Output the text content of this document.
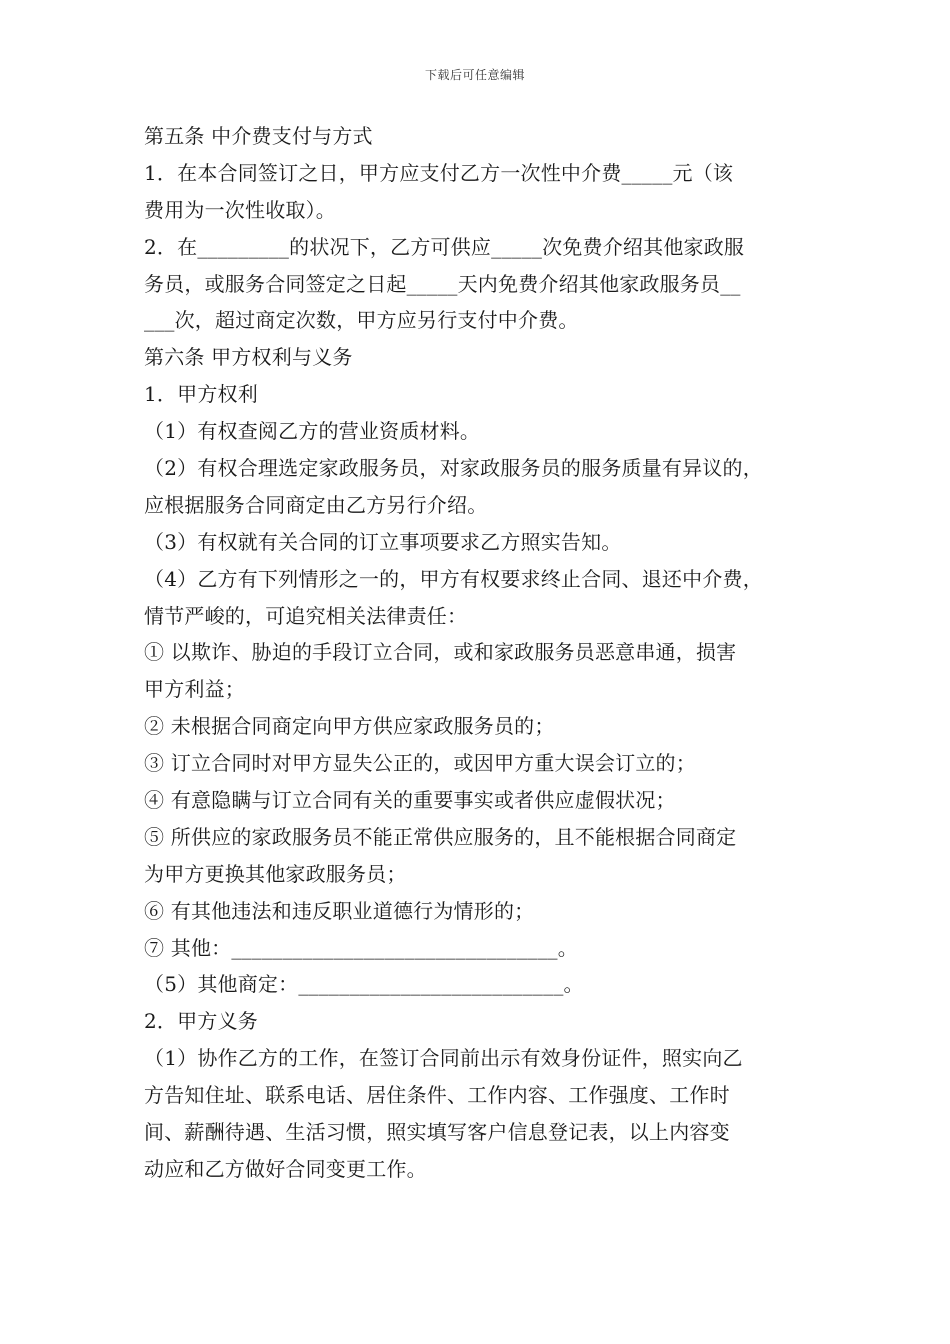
下载后可任意编辑
第五条 中介费支付与方式
1．在本合同签订之日，甲方应支付乙方一次性中介费_____元（该
费用为一次性收取）。
2．在_________的状况下，乙方可供应_____次免费介绍其他家政服
务员，或服务合同签定之日起_____天内免费介绍其他家政服务员__
___次，超过商定次数，甲方应另行支付中介费。
第六条 甲方权利与义务
1．甲方权利
（1）有权查阅乙方的营业资质材料。
（2）有权合理选定家政服务员，对家政服务员的服务质量有异议的，
应根据服务合同商定由乙方另行介绍。
（3）有权就有关合同的订立事项要求乙方照实告知。
（4）乙方有下列情形之一的，甲方有权要求终止合同、退还中介费，
情节严峻的，可追究相关法律责任：
① 以欺诈、胁迫的手段订立合同，或和家政服务员恶意串通，损害
甲方利益；
② 未根据合同商定向甲方供应家政服务员的；
③ 订立合同时对甲方显失公正的，或因甲方重大误会订立的；
④ 有意隐瞒与订立合同有关的重要事实或者供应虚假状况；
⑤ 所供应的家政服务员不能正常供应服务的，且不能根据合同商定
为甲方更换其他家政服务员；
⑥ 有其他违法和违反职业道德行为情形的；
⑦ 其他：________________________________。
（5）其他商定：__________________________。
2．甲方义务
（1）协作乙方的工作，在签订合同前出示有效身份证件，照实向乙
方告知住址、联系电话、居住条件、工作内容、工作强度、工作时
间、薪酬待遇、生活习惯，照实填写客户信息登记表，以上内容变
动应和乙方做好合同变更工作。
